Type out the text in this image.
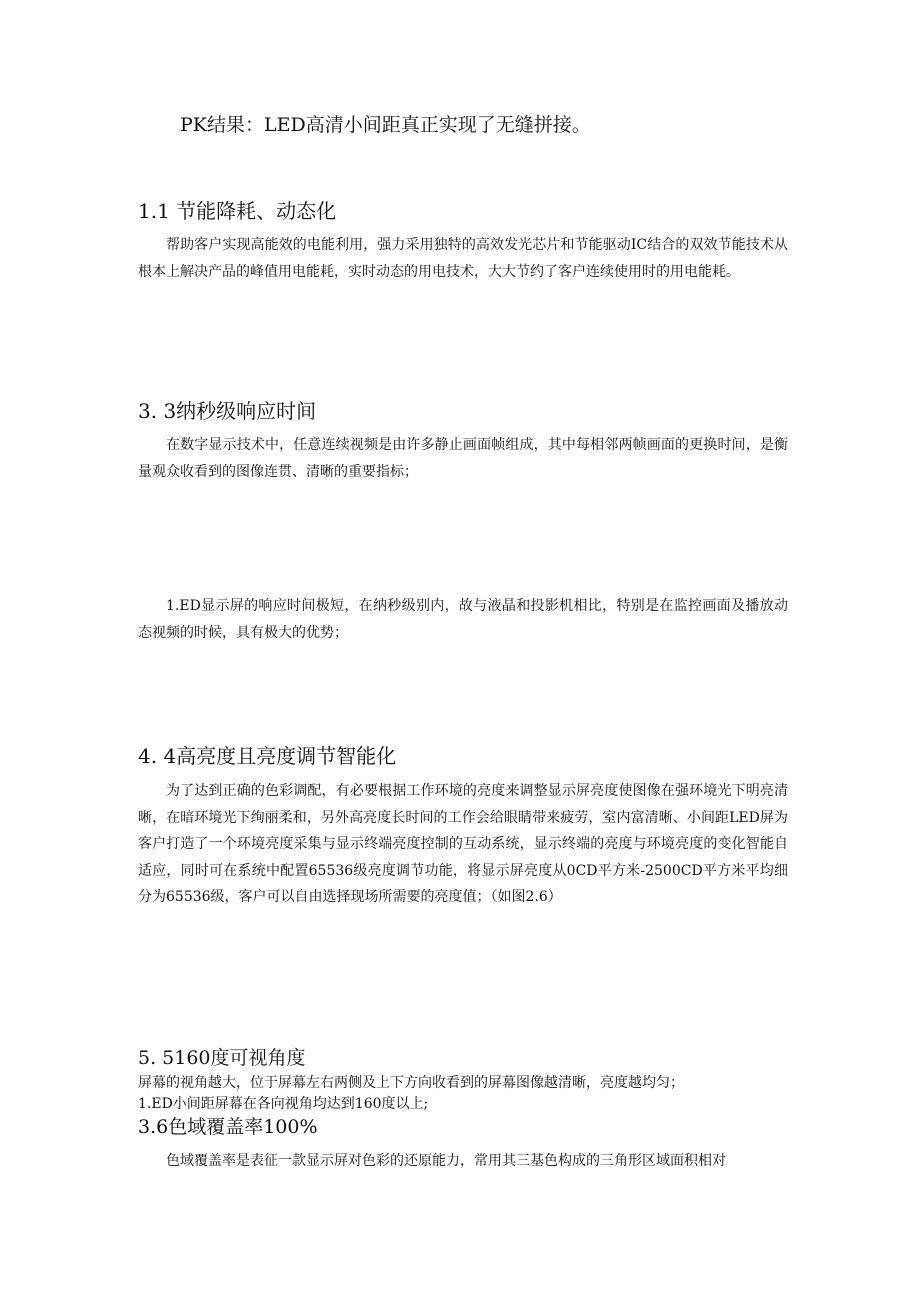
PK结果：LED高清小间距真正实现了无缝拼接。
1.1 节能降耗、动态化
帮助客户实现高能效的电能利用，强力采用独特的高效发光芯片和节能驱动IC结合的双效节能技术从根本上解决产品的峰值用电能耗，实时动态的用电技术，大大节约了客户连续使用时的用电能耗。
3. 3纳秒级响应时间
在数字显示技术中，任意连续视频是由许多静止画面帧组成，其中每相邻两帧画面的更换时间，是衡量观众收看到的图像连贯、清晰的重要指标；
1.ED显示屏的响应时间极短，在纳秒级别内，故与液晶和投影机相比，特别是在监控画面及播放动态视频的时候，具有极大的优势；
4. 4高亮度且亮度调节智能化
为了达到正确的色彩调配，有必要根据工作环境的亮度来调整显示屏亮度使图像在强环境光下明亮清晰，在暗环境光下绚丽柔和，另外高亮度长时间的工作会给眼睛带来疲劳，室内富清晰、小间距LED屏为客户打造了一个环境亮度采集与显示终端亮度控制的互动系统，显示终端的亮度与环境亮度的变化智能自适应，同时可在系统中配置65536级亮度调节功能，将显示屏亮度从0CD平方米-2500CD平方米平均细分为65536级，客户可以自由选择现场所需要的亮度值；（如图2.6）
5. 5160度可视角度
屏幕的视角越大，位于屏幕左右两侧及上下方向收看到的屏幕图像越清晰，亮度越均匀；
1.ED小间距屏幕在各向视角均达到160度以上;
3.6色域覆盖率100%
色域覆盖率是表征一款显示屏对色彩的还原能力，常用其三基色构成的三角形区域面积相对
